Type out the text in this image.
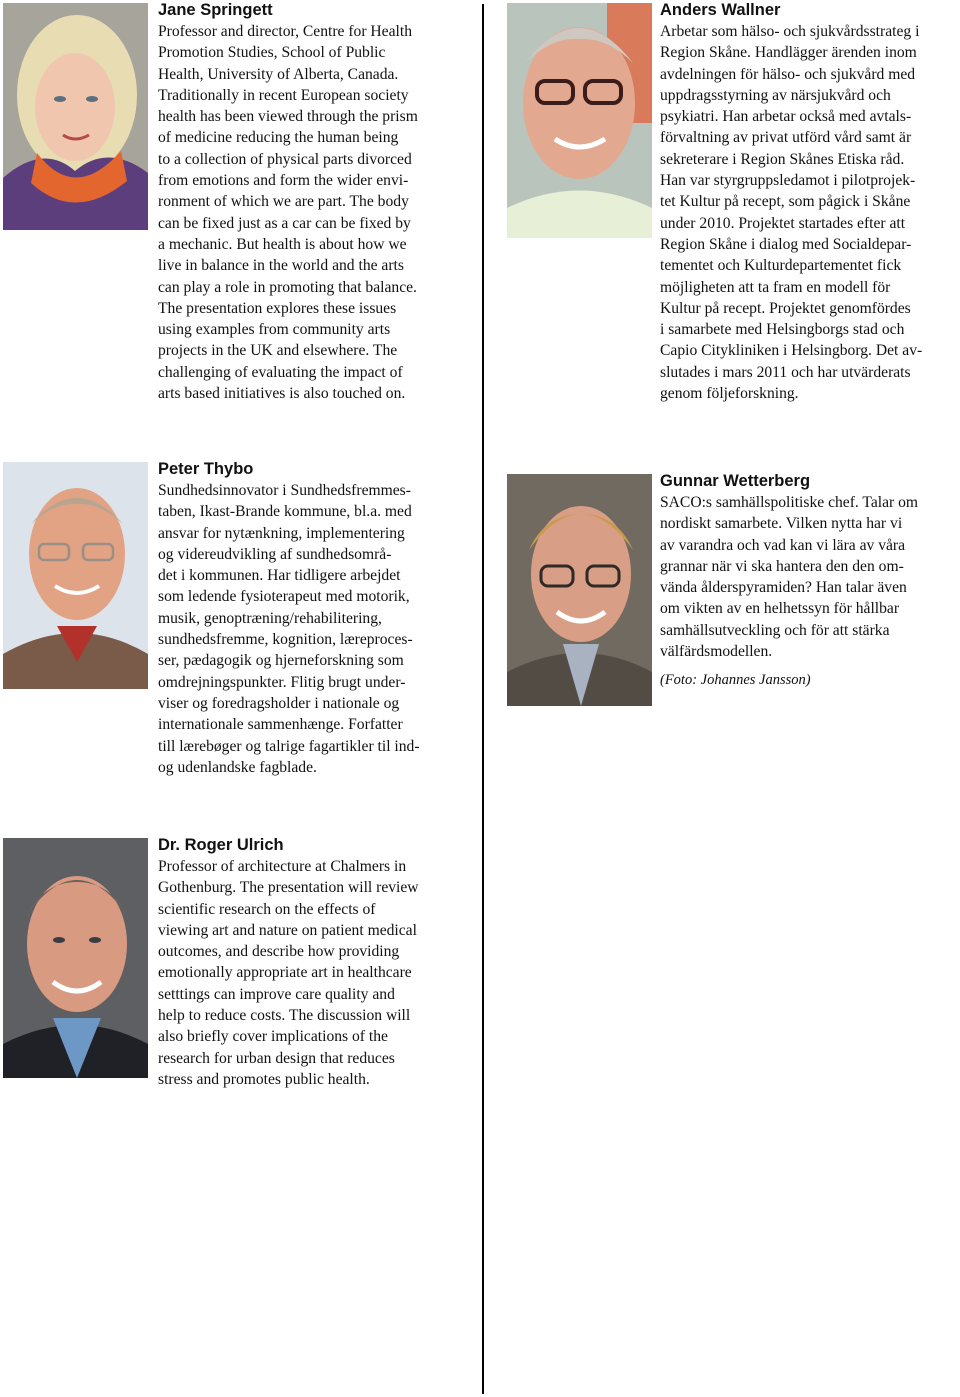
Jane Springett

Professor and director, Centre for Health
Promotion Studies, School of Public
Health, University of Alberta, Canada.
Traditionally in recent European society
health has been viewed through the prism
of medicine reducing the human being
to a collection of physical parts divorced
from emotions and form the wider envi-
ronment of which we are part. The body
can be fixed just as a car can be fixed by
a mechanic. But health is about how we
live in balance in the world and the arts
can play a role in promoting that balance.
The presentation explores these issues
using examples from community arts
projects in the UK and elsewhere. The
challenging of evaluating the impact of
arts based initiatives is also touched on.

Anders Wallner

Arbetar som hälso- och sjukvårdsstrateg i
Region Skåne. Handlägger ärenden inom
avdelningen för hälso- och sjukvård med
uppdragsstyrning av närsjukvård och
psykiatri. Han arbetar också med avtals-
förvaltning av privat utförd vård samt är
sekreterare i Region Skånes Etiska råd.
Han var styrgruppsledamot i pilotprojek-
tet Kultur på recept, som pågick i Skåne
under 2010. Projektet startades efter att
Region Skåne i dialog med Socialdepar-
tementet och Kulturdepartementet fick
möjligheten att ta fram en modell för
Kultur på recept. Projektet genomfördes
i samarbete med Helsingborgs stad och
Capio Citykliniken i Helsingborg. Det av-
slutades i mars 2011 och har utvärderats
genom följeforskning.

Peter Thybo

Sundhedsinnovator i Sundhedsfremmes-
taben, Ikast-Brande kommune, bl.a. med
ansvar for nytænkning, implementering
og videreudvikling af sundhedsområ-
det i kommunen. Har tidligere arbejdet
som ledende fysioterapeut med motorik,
musik, genoptræning/rehabilitering,
sundhedsfremme, kognition, læreproces-
ser, pædagogik og hjerneforskning som
omdrejningspunkter. Flitig brugt under-
viser og foredragsholder i nationale og
internationale sammenhænge. Forfatter
till lærebøger og talrige fagartikler til ind-
og udenlandske fagblade.

Gunnar Wetterberg

SACO:s samhällspolitiske chef. Talar om
nordiskt samarbete. Vilken nytta har vi
av varandra och vad kan vi lära av våra
grannar när vi ska hantera den den om-
vända ålderspyramiden? Han talar även
om vikten av en helhetssyn för hållbar
samhällsutveckling och för att stärka
välfärdsmodellen.

(Foto: Johannes Jansson)

Dr. Roger Ulrich

Professor of architecture at Chalmers in
Gothenburg. The presentation will review
scientific research on the effects of
viewing art and nature on patient medical
outcomes, and describe how providing
emotionally appropriate art in healthcare
setttings can improve care quality and
help to reduce costs. The discussion will
also briefly cover implications of the
research for urban design that reduces
stress and promotes public health.
